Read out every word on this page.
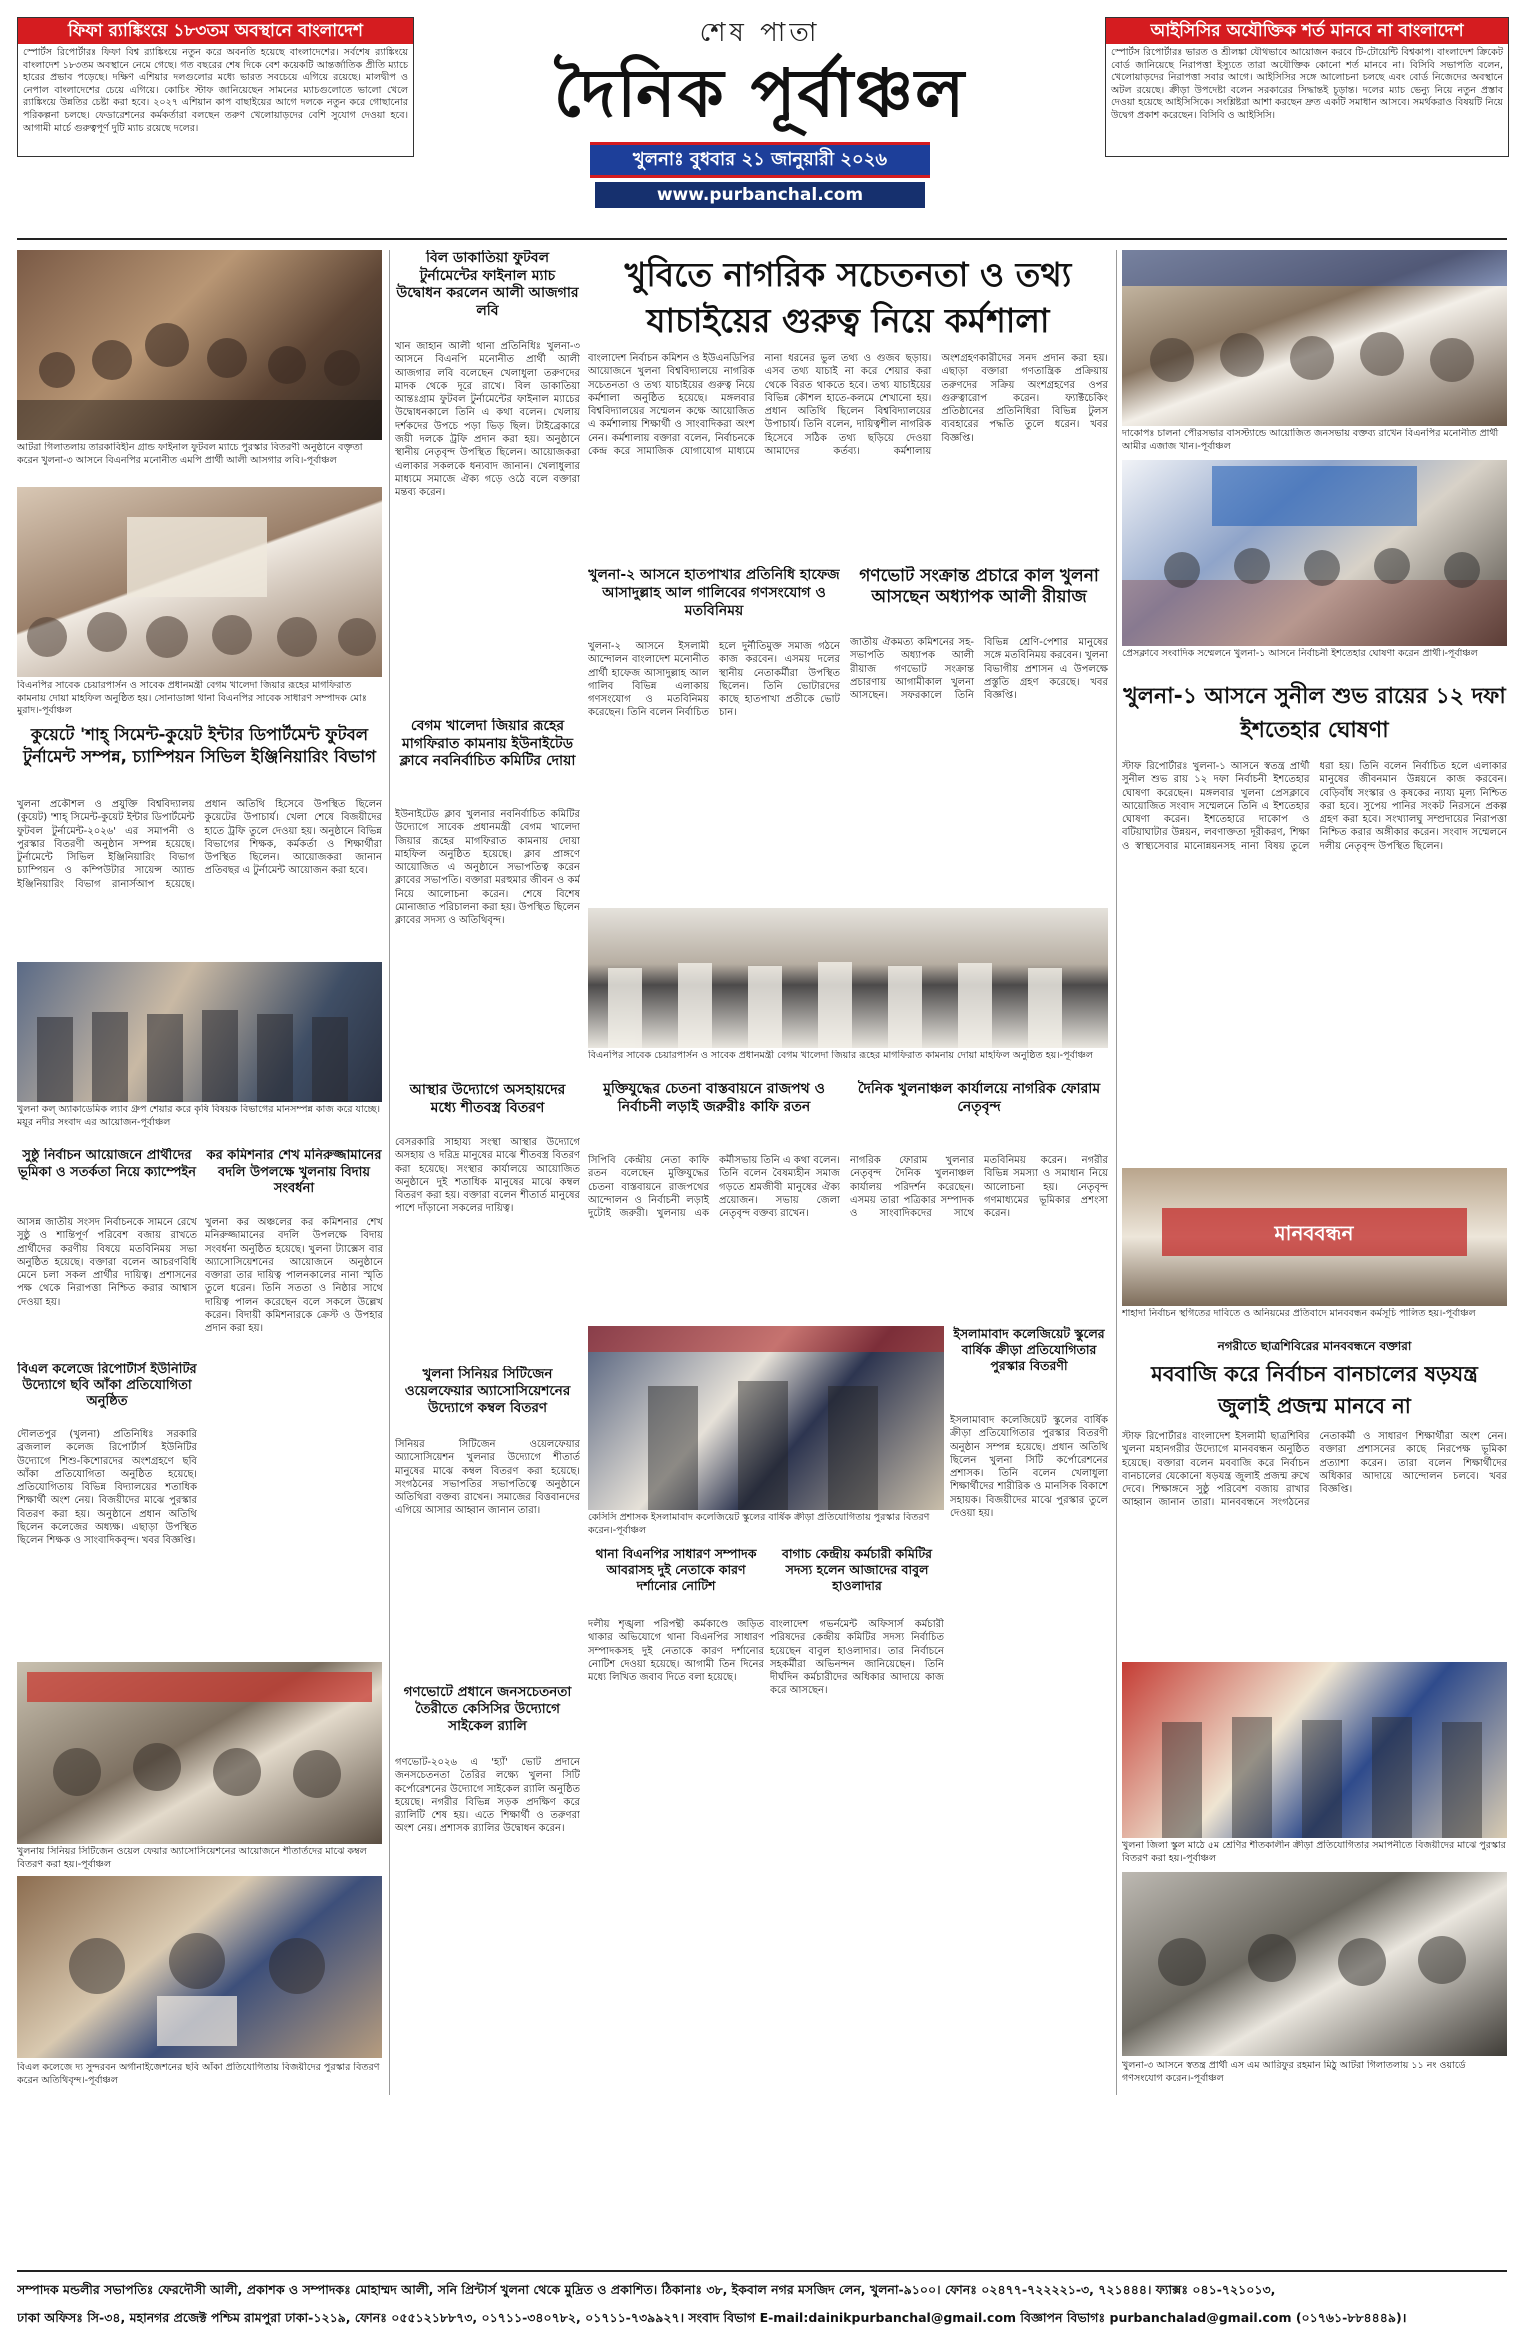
ফিফা র‍্যাঙ্কিংয়ে ১৮৩তম অবস্থানে বাংলাদেশ
স্পোর্টস রিপোর্টারঃ ফিফা বিশ্ব র‍্যাঙ্কিংয়ে নতুন করে অবনতি হয়েছে বাংলাদেশের। সর্বশেষ র‍্যাঙ্কিংয়ে বাংলাদেশ ১৮৩তম অবস্থানে নেমে গেছে। গত বছরের শেষ দিকে বেশ কয়েকটি আন্তর্জাতিক প্রীতি ম্যাচে হারের প্রভাব পড়েছে। দক্ষিণ এশিয়ার দলগুলোর মধ্যে ভারত সবচেয়ে এগিয়ে রয়েছে। মালদ্বীপ ও নেপাল বাংলাদেশের চেয়ে এগিয়ে। কোচিং স্টাফ জানিয়েছেন সামনের ম্যাচগুলোতে ভালো খেলে র‍্যাঙ্কিংয়ে উন্নতির চেষ্টা করা হবে। ২০২৭ এশিয়ান কাপ বাছাইয়ের আগে দলকে নতুন করে গোছানোর পরিকল্পনা চলছে। ফেডারেশনের কর্মকর্তারা বলছেন তরুণ খেলোয়াড়দের বেশি সুযোগ দেওয়া হবে। আগামী মার্চে গুরুত্বপূর্ণ দুটি ম্যাচ রয়েছে দলের।
শেষ পাতা
দৈনিক পূর্বাঞ্চল
খুলনাঃ বুধবার ২১ জানুয়ারী ২০২৬
www.purbanchal.com
আইসিসির অযৌক্তিক শর্ত মানবে না বাংলাদেশ
স্পোর্টস রিপোর্টারঃ ভারত ও শ্রীলঙ্কা যৌথভাবে আয়োজন করবে টি-টোয়েন্টি বিশ্বকাপ। বাংলাদেশ ক্রিকেট বোর্ড জানিয়েছে নিরাপত্তা ইস্যুতে তারা অযৌক্তিক কোনো শর্ত মানবে না। বিসিবি সভাপতি বলেন, খেলোয়াড়দের নিরাপত্তা সবার আগে। আইসিসির সঙ্গে আলোচনা চলছে এবং বোর্ড নিজেদের অবস্থানে অটল রয়েছে। ক্রীড়া উপদেষ্টা বলেন সরকারের সিদ্ধান্তই চূড়ান্ত। দলের ম্যাচ ভেন্যু নিয়ে নতুন প্রস্তাব দেওয়া হয়েছে আইসিসিকে। সংশ্লিষ্টরা আশা করছেন দ্রুত একটি সমাধান আসবে। সমর্থকরাও বিষয়টি নিয়ে উদ্বেগ প্রকাশ করেছেন। বিসিবি ও আইসিসি।
আটরা গিলাতলায় তারকাবিহীন গ্রান্ড ফাইনাল ফুটবল ম্যাচে পুরস্কার বিতরণী অনুষ্ঠানে বক্তৃতা করেন খুলনা-৩ আসনে বিএনপির মনোনীত এমপি প্রার্থী আলী আসগার লবি।-পূর্বাঞ্চল
বিএনপির সাবেক চেয়ারপার্সন ও সাবেক প্রধানমন্ত্রী বেগম খালেদা জিয়ার রূহের মাগফিরাত কামনায় দোয়া মাহফিল অনুষ্ঠিত হয়। সোনাডাঙ্গা থানা বিএনপির সাবেক সাধারণ সম্পাদক মোঃ মুরাদ।-পূর্বাঞ্চল
কুয়েটে 'শাহ্ সিমেন্ট-কুয়েট ইন্টার ডিপার্টমেন্ট ফুটবল টুর্নামেন্ট সম্পন্ন, চ্যাম্পিয়ন সিভিল ইঞ্জিনিয়ারিং বিভাগ
খুলনা প্রকৌশল ও প্রযুক্তি বিশ্ববিদ্যালয় (কুয়েট) 'শাহ্ সিমেন্ট-কুয়েট ইন্টার ডিপার্টমেন্ট ফুটবল টুর্নামেন্ট-২০২৬' এর সমাপনী ও পুরস্কার বিতরণী অনুষ্ঠান সম্পন্ন হয়েছে। টুর্নামেন্টে সিভিল ইঞ্জিনিয়ারিং বিভাগ চ্যাম্পিয়ন ও কম্পিউটার সায়েন্স অ্যান্ড ইঞ্জিনিয়ারিং বিভাগ রানার্সআপ হয়েছে। প্রধান অতিথি হিসেবে উপস্থিত ছিলেন কুয়েটের উপাচার্য। খেলা শেষে বিজয়ীদের হাতে ট্রফি তুলে দেওয়া হয়। অনুষ্ঠানে বিভিন্ন বিভাগের শিক্ষক, কর্মকর্তা ও শিক্ষার্থীরা উপস্থিত ছিলেন। আয়োজকরা জানান প্রতিবছর এ টুর্নামেন্ট আয়োজন করা হবে।
খুলনা কল্ অ্যাকাডেমিক ল্যাব গ্রুপ শেয়ার করে কৃষি বিষয়ক বিভাগের মানসম্পন্ন কাজ করে যাচ্ছে। ময়ূর নদীর সংবাদ এর আয়োজন-পূর্বাঞ্চল
সুষ্ঠু নির্বাচন আয়োজনে প্রার্থীদের ভূমিকা ও সতর্কতা নিয়ে ক্যাম্পেইন
আসন্ন জাতীয় সংসদ নির্বাচনকে সামনে রেখে সুষ্ঠু ও শান্তিপূর্ণ পরিবেশ বজায় রাখতে প্রার্থীদের করণীয় বিষয়ে মতবিনিময় সভা অনুষ্ঠিত হয়েছে। বক্তারা বলেন আচরণবিধি মেনে চলা সকল প্রার্থীর দায়িত্ব। প্রশাসনের পক্ষ থেকে নিরাপত্তা নিশ্চিত করার আশ্বাস দেওয়া হয়।
বিএল কলেজে রিপোর্টার্স ইউনিটির উদ্যোগে ছবি আঁকা প্রতিযোগিতা অনুষ্ঠিত
দৌলতপুর (খুলনা) প্রতিনিধিঃ সরকারি ব্রজলাল কলেজ রিপোর্টার্স ইউনিটির উদ্যোগে শিশু-কিশোরদের অংশগ্রহণে ছবি আঁকা প্রতিযোগিতা অনুষ্ঠিত হয়েছে। প্রতিযোগিতায় বিভিন্ন বিদ্যালয়ের শতাধিক শিক্ষার্থী অংশ নেয়। বিজয়ীদের মাঝে পুরস্কার বিতরণ করা হয়। অনুষ্ঠানে প্রধান অতিথি ছিলেন কলেজের অধ্যক্ষ। এছাড়া উপস্থিত ছিলেন শিক্ষক ও সাংবাদিকবৃন্দ। খবর বিজ্ঞপ্তি।
খুলনায় সিনিয়র সিটিজেন ওয়েল ফেয়ার অ্যাসোসিয়েশনের আয়োজনে শীতার্তদের মাঝে কম্বল বিতরণ করা হয়।-পূর্বাঞ্চল
বিএল কলেজে দ্য সুন্দরবন অর্গানাইজেশনের ছবি আঁকা প্রতিযোগিতায় বিজয়ীদের পুরস্কার বিতরণ করেন অতিথিবৃন্দ।-পূর্বাঞ্চল
বিল ডাকাতিয়া ফুটবল টুর্নামেন্টের ফাইনাল ম্যাচ উদ্বোধন করলেন আলী আজগার লবি
খান জাহান আলী থানা প্রতিনিধিঃ খুলনা-৩ আসনে বিএনপি মনোনীত প্রার্থী আলী আজগার লবি বলেছেন খেলাধুলা তরুণদের মাদক থেকে দূরে রাখে। বিল ডাকাতিয়া আন্তঃগ্রাম ফুটবল টুর্নামেন্টের ফাইনাল ম্যাচের উদ্বোধনকালে তিনি এ কথা বলেন। খেলায় দর্শকদের উপচে পড়া ভিড় ছিল। টাইব্রেকারে জয়ী দলকে ট্রফি প্রদান করা হয়। অনুষ্ঠানে স্থানীয় নেতৃবৃন্দ উপস্থিত ছিলেন। আয়োজকরা এলাকার সকলকে ধন্যবাদ জানান। খেলাধুলার মাধ্যমে সমাজে ঐক্য গড়ে ওঠে বলে বক্তারা মন্তব্য করেন।
বেগম খালেদা জিয়ার রূহের মাগফিরাত কামনায় ইউনাইটেড ক্লাবে নবনির্বাচিত কমিটির দোয়া
ইউনাইটেড ক্লাব খুলনার নবনির্বাচিত কমিটির উদ্যোগে সাবেক প্রধানমন্ত্রী বেগম খালেদা জিয়ার রূহের মাগফিরাত কামনায় দোয়া মাহফিল অনুষ্ঠিত হয়েছে। ক্লাব প্রাঙ্গণে আয়োজিত এ অনুষ্ঠানে সভাপতিত্ব করেন ক্লাবের সভাপতি। বক্তারা মরহুমার জীবন ও কর্ম নিয়ে আলোচনা করেন। শেষে বিশেষ মোনাজাত পরিচালনা করা হয়। উপস্থিত ছিলেন ক্লাবের সদস্য ও অতিথিবৃন্দ।
কর কমিশনার শেখ মনিরুজ্জামানের বদলি উপলক্ষে খুলনায় বিদায় সংবর্ধনা
খুলনা কর অঞ্চলের কর কমিশনার শেখ মনিরুজ্জামানের বদলি উপলক্ষে বিদায় সংবর্ধনা অনুষ্ঠিত হয়েছে। খুলনা ট্যাক্সেস বার অ্যাসোসিয়েশনের আয়োজনে অনুষ্ঠানে বক্তারা তার দায়িত্ব পালনকালের নানা স্মৃতি তুলে ধরেন। তিনি সততা ও নিষ্ঠার সাথে দায়িত্ব পালন করেছেন বলে সকলে উল্লেখ করেন। বিদায়ী কমিশনারকে ক্রেস্ট ও উপহার প্রদান করা হয়।
আস্থার উদ্যোগে অসহায়দের মধ্যে শীতবস্ত্র বিতরণ
বেসরকারি সাহায্য সংস্থা আস্থার উদ্যোগে অসহায় ও দরিদ্র মানুষের মাঝে শীতবস্ত্র বিতরণ করা হয়েছে। সংস্থার কার্যালয়ে আয়োজিত অনুষ্ঠানে দুই শতাধিক মানুষের মাঝে কম্বল বিতরণ করা হয়। বক্তারা বলেন শীতার্ত মানুষের পাশে দাঁড়ানো সকলের দায়িত্ব।
খুলনা সিনিয়র সিটিজেন ওয়েলফেয়ার অ্যাসোসিয়েশনের উদ্যোগে কম্বল বিতরণ
সিনিয়র সিটিজেন ওয়েলফেয়ার অ্যাসোসিয়েশন খুলনার উদ্যোগে শীতার্ত মানুষের মাঝে কম্বল বিতরণ করা হয়েছে। সংগঠনের সভাপতির সভাপতিত্বে অনুষ্ঠানে অতিথিরা বক্তব্য রাখেন। সমাজের বিত্তবানদের এগিয়ে আসার আহ্বান জানান তারা।
গণভোটে প্রধানে জনসচেতনতা তৈরীতে কেসিসির উদ্যোগে সাইকেল র‍্যালি
গণভোট-২০২৬ এ 'হ্যাঁ' ভোট প্রদানে জনসচেতনতা তৈরির লক্ষ্যে খুলনা সিটি কর্পোরেশনের উদ্যোগে সাইকেল র‍্যালি অনুষ্ঠিত হয়েছে। নগরীর বিভিন্ন সড়ক প্রদক্ষিণ করে র‍্যালিটি শেষ হয়। এতে শিক্ষার্থী ও তরুণরা অংশ নেয়। প্রশাসক র‍্যালির উদ্বোধন করেন।
খুবিতে নাগরিক সচেতনতা ও তথ্য যাচাইয়ের গুরুত্ব নিয়ে কর্মশালা
বাংলাদেশ নির্বাচন কমিশন ও ইউএনডিপির আয়োজনে খুলনা বিশ্ববিদ্যালয়ে নাগরিক সচেতনতা ও তথ্য যাচাইয়ের গুরুত্ব নিয়ে কর্মশালা অনুষ্ঠিত হয়েছে। মঙ্গলবার বিশ্ববিদ্যালয়ের সম্মেলন কক্ষে আয়োজিত এ কর্মশালায় শিক্ষার্থী ও সাংবাদিকরা অংশ নেন। কর্মশালায় বক্তারা বলেন, নির্বাচনকে কেন্দ্র করে সামাজিক যোগাযোগ মাধ্যমে নানা ধরনের ভুল তথ্য ও গুজব ছড়ায়। এসব তথ্য যাচাই না করে শেয়ার করা থেকে বিরত থাকতে হবে। তথ্য যাচাইয়ের বিভিন্ন কৌশল হাতে-কলমে শেখানো হয়। প্রধান অতিথি ছিলেন বিশ্ববিদ্যালয়ের উপাচার্য। তিনি বলেন, দায়িত্বশীল নাগরিক হিসেবে সঠিক তথ্য ছড়িয়ে দেওয়া আমাদের কর্তব্য। কর্মশালায় অংশগ্রহণকারীদের সনদ প্রদান করা হয়। এছাড়া বক্তারা গণতান্ত্রিক প্রক্রিয়ায় তরুণদের সক্রিয় অংশগ্রহণের ওপর গুরুত্বারোপ করেন। ফ্যাক্টচেকিং প্রতিষ্ঠানের প্রতিনিধিরা বিভিন্ন টুলস ব্যবহারের পদ্ধতি তুলে ধরেন। খবর বিজ্ঞপ্তি।
খুলনা-২ আসনে হাতপাখার প্রতিনিধি হাফেজ আসাদুল্লাহ আল গালিবের গণসংযোগ ও মতবিনিময়
খুলনা-২ আসনে ইসলামী আন্দোলন বাংলাদেশ মনোনীত প্রার্থী হাফেজ আসাদুল্লাহ আল গালিব বিভিন্ন এলাকায় গণসংযোগ ও মতবিনিময় করেছেন। তিনি বলেন নির্বাচিত হলে দুর্নীতিমুক্ত সমাজ গঠনে কাজ করবেন। এসময় দলের স্থানীয় নেতাকর্মীরা উপস্থিত ছিলেন। তিনি ভোটারদের কাছে হাতপাখা প্রতীকে ভোট চান।
গণভোট সংক্রান্ত প্রচারে কাল খুলনা আসছেন অধ্যাপক আলী রীয়াজ
জাতীয় ঐকমত্য কমিশনের সহ-সভাপতি অধ্যাপক আলী রীয়াজ গণভোট সংক্রান্ত প্রচারণায় আগামীকাল খুলনা আসছেন। সফরকালে তিনি বিভিন্ন শ্রেণি-পেশার মানুষের সঙ্গে মতবিনিময় করবেন। খুলনা বিভাগীয় প্রশাসন এ উপলক্ষে প্রস্তুতি গ্রহণ করেছে। খবর বিজ্ঞপ্তি।
বিএনপির সাবেক চেয়ারপার্সন ও সাবেক প্রধানমন্ত্রী বেগম খালেদা জিয়ার রূহের মাগফিরাত কামনায় দোয়া মাহফিল অনুষ্ঠিত হয়।-পূর্বাঞ্চল
মুক্তিযুদ্ধের চেতনা বাস্তবায়নে রাজপথ ও নির্বাচনী লড়াই জরুরীঃ কাফি রতন
সিপিবি কেন্দ্রীয় নেতা কাফি রতন বলেছেন মুক্তিযুদ্ধের চেতনা বাস্তবায়নে রাজপথের আন্দোলন ও নির্বাচনী লড়াই দুটোই জরুরী। খুলনায় এক কর্মীসভায় তিনি এ কথা বলেন। তিনি বলেন বৈষম্যহীন সমাজ গড়তে শ্রমজীবী মানুষের ঐক্য প্রয়োজন। সভায় জেলা নেতৃবৃন্দ বক্তব্য রাখেন।
দৈনিক খুলনাঞ্চল কার্যালয়ে নাগরিক ফোরাম নেতৃবৃন্দ
নাগরিক ফোরাম খুলনার নেতৃবৃন্দ দৈনিক খুলনাঞ্চল কার্যালয় পরিদর্শন করেছেন। এসময় তারা পত্রিকার সম্পাদক ও সাংবাদিকদের সাথে মতবিনিময় করেন। নগরীর বিভিন্ন সমস্যা ও সমাধান নিয়ে আলোচনা হয়। নেতৃবৃন্দ গণমাধ্যমের ভূমিকার প্রশংসা করেন।
কেসিসি প্রশাসক ইসলামাবাদ কলেজিয়েট স্কুলের বার্ষিক ক্রীড়া প্রতিযোগিতায় পুরস্কার বিতরণ করেন।-পূর্বাঞ্চল
ইসলামাবাদ কলেজিয়েট স্কুলের বার্ষিক ক্রীড়া প্রতিযোগিতার পুরস্কার বিতরণী
ইসলামাবাদ কলেজিয়েট স্কুলের বার্ষিক ক্রীড়া প্রতিযোগিতার পুরস্কার বিতরণী অনুষ্ঠান সম্পন্ন হয়েছে। প্রধান অতিথি ছিলেন খুলনা সিটি কর্পোরেশনের প্রশাসক। তিনি বলেন খেলাধুলা শিক্ষার্থীদের শারীরিক ও মানসিক বিকাশে সহায়ক। বিজয়ীদের মাঝে পুরস্কার তুলে দেওয়া হয়।
থানা বিএনপির সাধারণ সম্পাদক আবরাসহ দুই নেতাকে কারণ দর্শানোর নোটিশ
দলীয় শৃঙ্খলা পরিপন্থী কর্মকাণ্ডে জড়িত থাকার অভিযোগে থানা বিএনপির সাধারণ সম্পাদকসহ দুই নেতাকে কারণ দর্শানোর নোটিশ দেওয়া হয়েছে। আগামী তিন দিনের মধ্যে লিখিত জবাব দিতে বলা হয়েছে।
বাগাচ কেন্দ্রীয় কর্মচারী কমিটির সদস্য হলেন আজাদের বাবুল হাওলাদার
বাংলাদেশ গভর্নমেন্ট অফিসার্স কর্মচারী পরিষদের কেন্দ্রীয় কমিটির সদস্য নির্বাচিত হয়েছেন বাবুল হাওলাদার। তার নির্বাচনে সহকর্মীরা অভিনন্দন জানিয়েছেন। তিনি দীর্ঘদিন কর্মচারীদের অধিকার আদায়ে কাজ করে আসছেন।
দাকোপঃ চালনা পৌরসভার বাসস্ট্যান্ডে আয়োজিত জনসভায় বক্তব্য রাখেন বিএনপির মনোনীত প্রার্থী আমীর এজাজ খান।-পূর্বাঞ্চল
প্রেসক্লাবে সংবাদিক সম্মেলনে খুলনা-১ আসনে নির্বাচনী ইশতেহার ঘোষণা করেন প্রার্থী।-পূর্বাঞ্চল
খুলনা-১ আসনে সুনীল শুভ রায়ের ১২ দফা ইশতেহার ঘোষণা
স্টাফ রিপোর্টারঃ খুলনা-১ আসনে স্বতন্ত্র প্রার্থী সুনীল শুভ রায় ১২ দফা নির্বাচনী ইশতেহার ঘোষণা করেছেন। মঙ্গলবার খুলনা প্রেসক্লাবে আয়োজিত সংবাদ সম্মেলনে তিনি এ ইশতেহার ঘোষণা করেন। ইশতেহারে দাকোপ ও বটিয়াঘাটার উন্নয়ন, লবণাক্ততা দূরীকরণ, শিক্ষা ও স্বাস্থ্যসেবার মানোন্নয়নসহ নানা বিষয় তুলে ধরা হয়। তিনি বলেন নির্বাচিত হলে এলাকার মানুষের জীবনমান উন্নয়নে কাজ করবেন। বেড়িবাঁধ সংস্কার ও কৃষকের ন্যায্য মূল্য নিশ্চিত করা হবে। সুপেয় পানির সংকট নিরসনে প্রকল্প গ্রহণ করা হবে। সংখ্যালঘু সম্প্রদায়ের নিরাপত্তা নিশ্চিত করার অঙ্গীকার করেন। সংবাদ সম্মেলনে দলীয় নেতৃবৃন্দ উপস্থিত ছিলেন।
মানববন্ধন
শাহাদা নির্বাচন স্থগিতের দাবিতে ও অনিয়মের প্রতিবাদে মানববন্ধন কর্মসূচি পালিত হয়।-পূর্বাঞ্চল
নগরীতে ছাত্রশিবিরের মানববন্ধনে বক্তারা
মববাজি করে নির্বাচন বানচালের ষড়যন্ত্র জুলাই প্রজন্ম মানবে না
স্টাফ রিপোর্টারঃ বাংলাদেশ ইসলামী ছাত্রশিবির খুলনা মহানগরীর উদ্যোগে মানববন্ধন অনুষ্ঠিত হয়েছে। বক্তারা বলেন মববাজি করে নির্বাচন বানচালের যেকোনো ষড়যন্ত্র জুলাই প্রজন্ম রুখে দেবে। শিক্ষাঙ্গনে সুষ্ঠু পরিবেশ বজায় রাখার আহ্বান জানান তারা। মানববন্ধনে সংগঠনের নেতাকর্মী ও সাধারণ শিক্ষার্থীরা অংশ নেন। বক্তারা প্রশাসনের কাছে নিরপেক্ষ ভূমিকা প্রত্যাশা করেন। তারা বলেন শিক্ষার্থীদের অধিকার আদায়ে আন্দোলন চলবে। খবর বিজ্ঞপ্তি।
খুলনা জিলা স্কুল মাঠে ৫ম শ্রেণির শীতকালীন ক্রীড়া প্রতিযোগিতার সমাপনীতে বিজয়ীদের মাঝে পুরস্কার বিতরণ করা হয়।-পূর্বাঞ্চল
খুলনা-৩ আসনে স্বতন্ত্র প্রার্থী এস এম আরিফুর রহমান মিঠু আটরা গিলাতলায় ১১ নং ওয়ার্ডে গণসংযোগ করেন।-পূর্বাঞ্চল
সম্পাদক মন্ডলীর সভাপতিঃ ফেরদৌসী আলী, প্রকাশক ও সম্পাদকঃ মোহাম্মদ আলী, সনি প্রিন্টার্স খুলনা থেকে মুদ্রিত ও প্রকাশিত। ঠিকানাঃ ৩৮, ইকবাল নগর মসজিদ লেন, খুলনা-৯১০০। ফোনঃ ০২৪৭৭-৭২২২২১-৩, ৭২১৪৪৪। ফ্যাক্সঃ ০৪১-৭২১০১৩,
ঢাকা অফিসঃ সি-৩৪, মহানগর প্রজেক্ট পশ্চিম রামপুরা ঢাকা-১২১৯, ফোনঃ ০৫৫১২১৮৮৭৩, ০১৭১১-৩৪০৭৮২, ০১৭১১-৭৩৯৯২৭। সংবাদ বিভাগ E-mail:dainikpurbanchal@gmail.com বিজ্ঞাপন বিভাগঃ purbanchalad@gmail.com (০১৭৬১-৮৮৪৪৪৯)।
